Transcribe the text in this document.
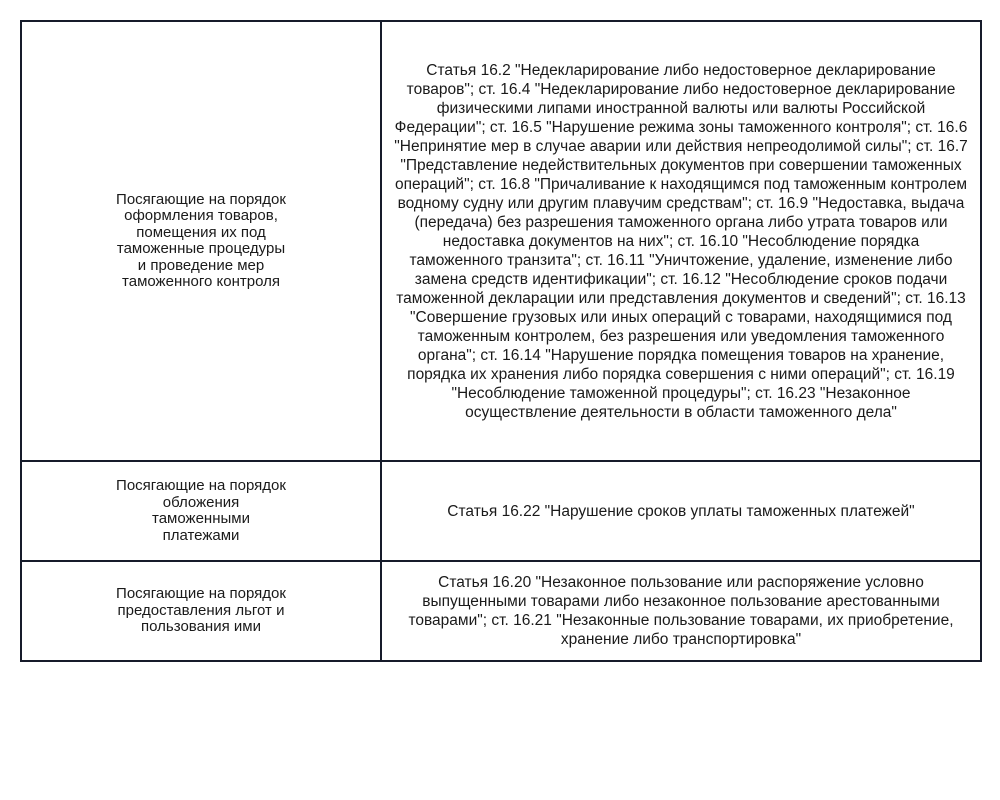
Посягающие на порядок оформления товаров, помещения их под таможенные процедуры и проведение мер таможенного контроля	Статья 16.2 "Недекларирование либо недостоверное декларирование товаров"; ст. 16.4 "Недекларирование либо недостоверное декларирование физическими липами иностранной валюты или валюты Российской Федерации"; ст. 16.5 "Нарушение режима зоны таможенного контроля"; ст. 16.6 "Непринятие мер в случае аварии или действия непреодолимой силы"; ст. 16.7 "Представление недействительных документов при совершении таможенных операций"; ст. 16.8 "Причаливание к находящимся под таможенным контролем водному судну или другим плавучим средствам"; ст. 16.9 "Недоставка, выдача (передача) без разрешения таможенного органа либо утрата товаров или недоставка документов на них"; ст. 16.10 "Несоблюдение порядка таможенного транзита"; ст. 16.11 "Уничтожение, удаление, изменение либо замена средств идентификации"; ст. 16.12 "Несоблюдение сроков подачи таможенной декларации или представления документов и сведений"; ст. 16.13 "Совершение грузовых или иных операций с товарами, находящимися под таможенным контролем, без разрешения или уведомления таможенного органа"; ст. 16.14 "Нарушение порядка помещения товаров на хранение, порядка их хранения либо порядка совершения с ними операций"; ст. 16.19 "Несоблюдение таможенной процедуры"; ст. 16.23 "Незаконное осуществление деятельности в области таможенного дела"
Посягающие на порядок обложения таможенными платежами	Статья 16.22 "Нарушение сроков уплаты таможенных платежей"
Посягающие на порядок предоставления льгот и пользования ими	Статья 16.20 "Незаконное пользование или распоряжение условно выпущенными товарами либо незаконное пользование арестованными товарами"; ст. 16.21 "Незаконные пользование товарами, их приобретение, хранение либо транспортировка"
